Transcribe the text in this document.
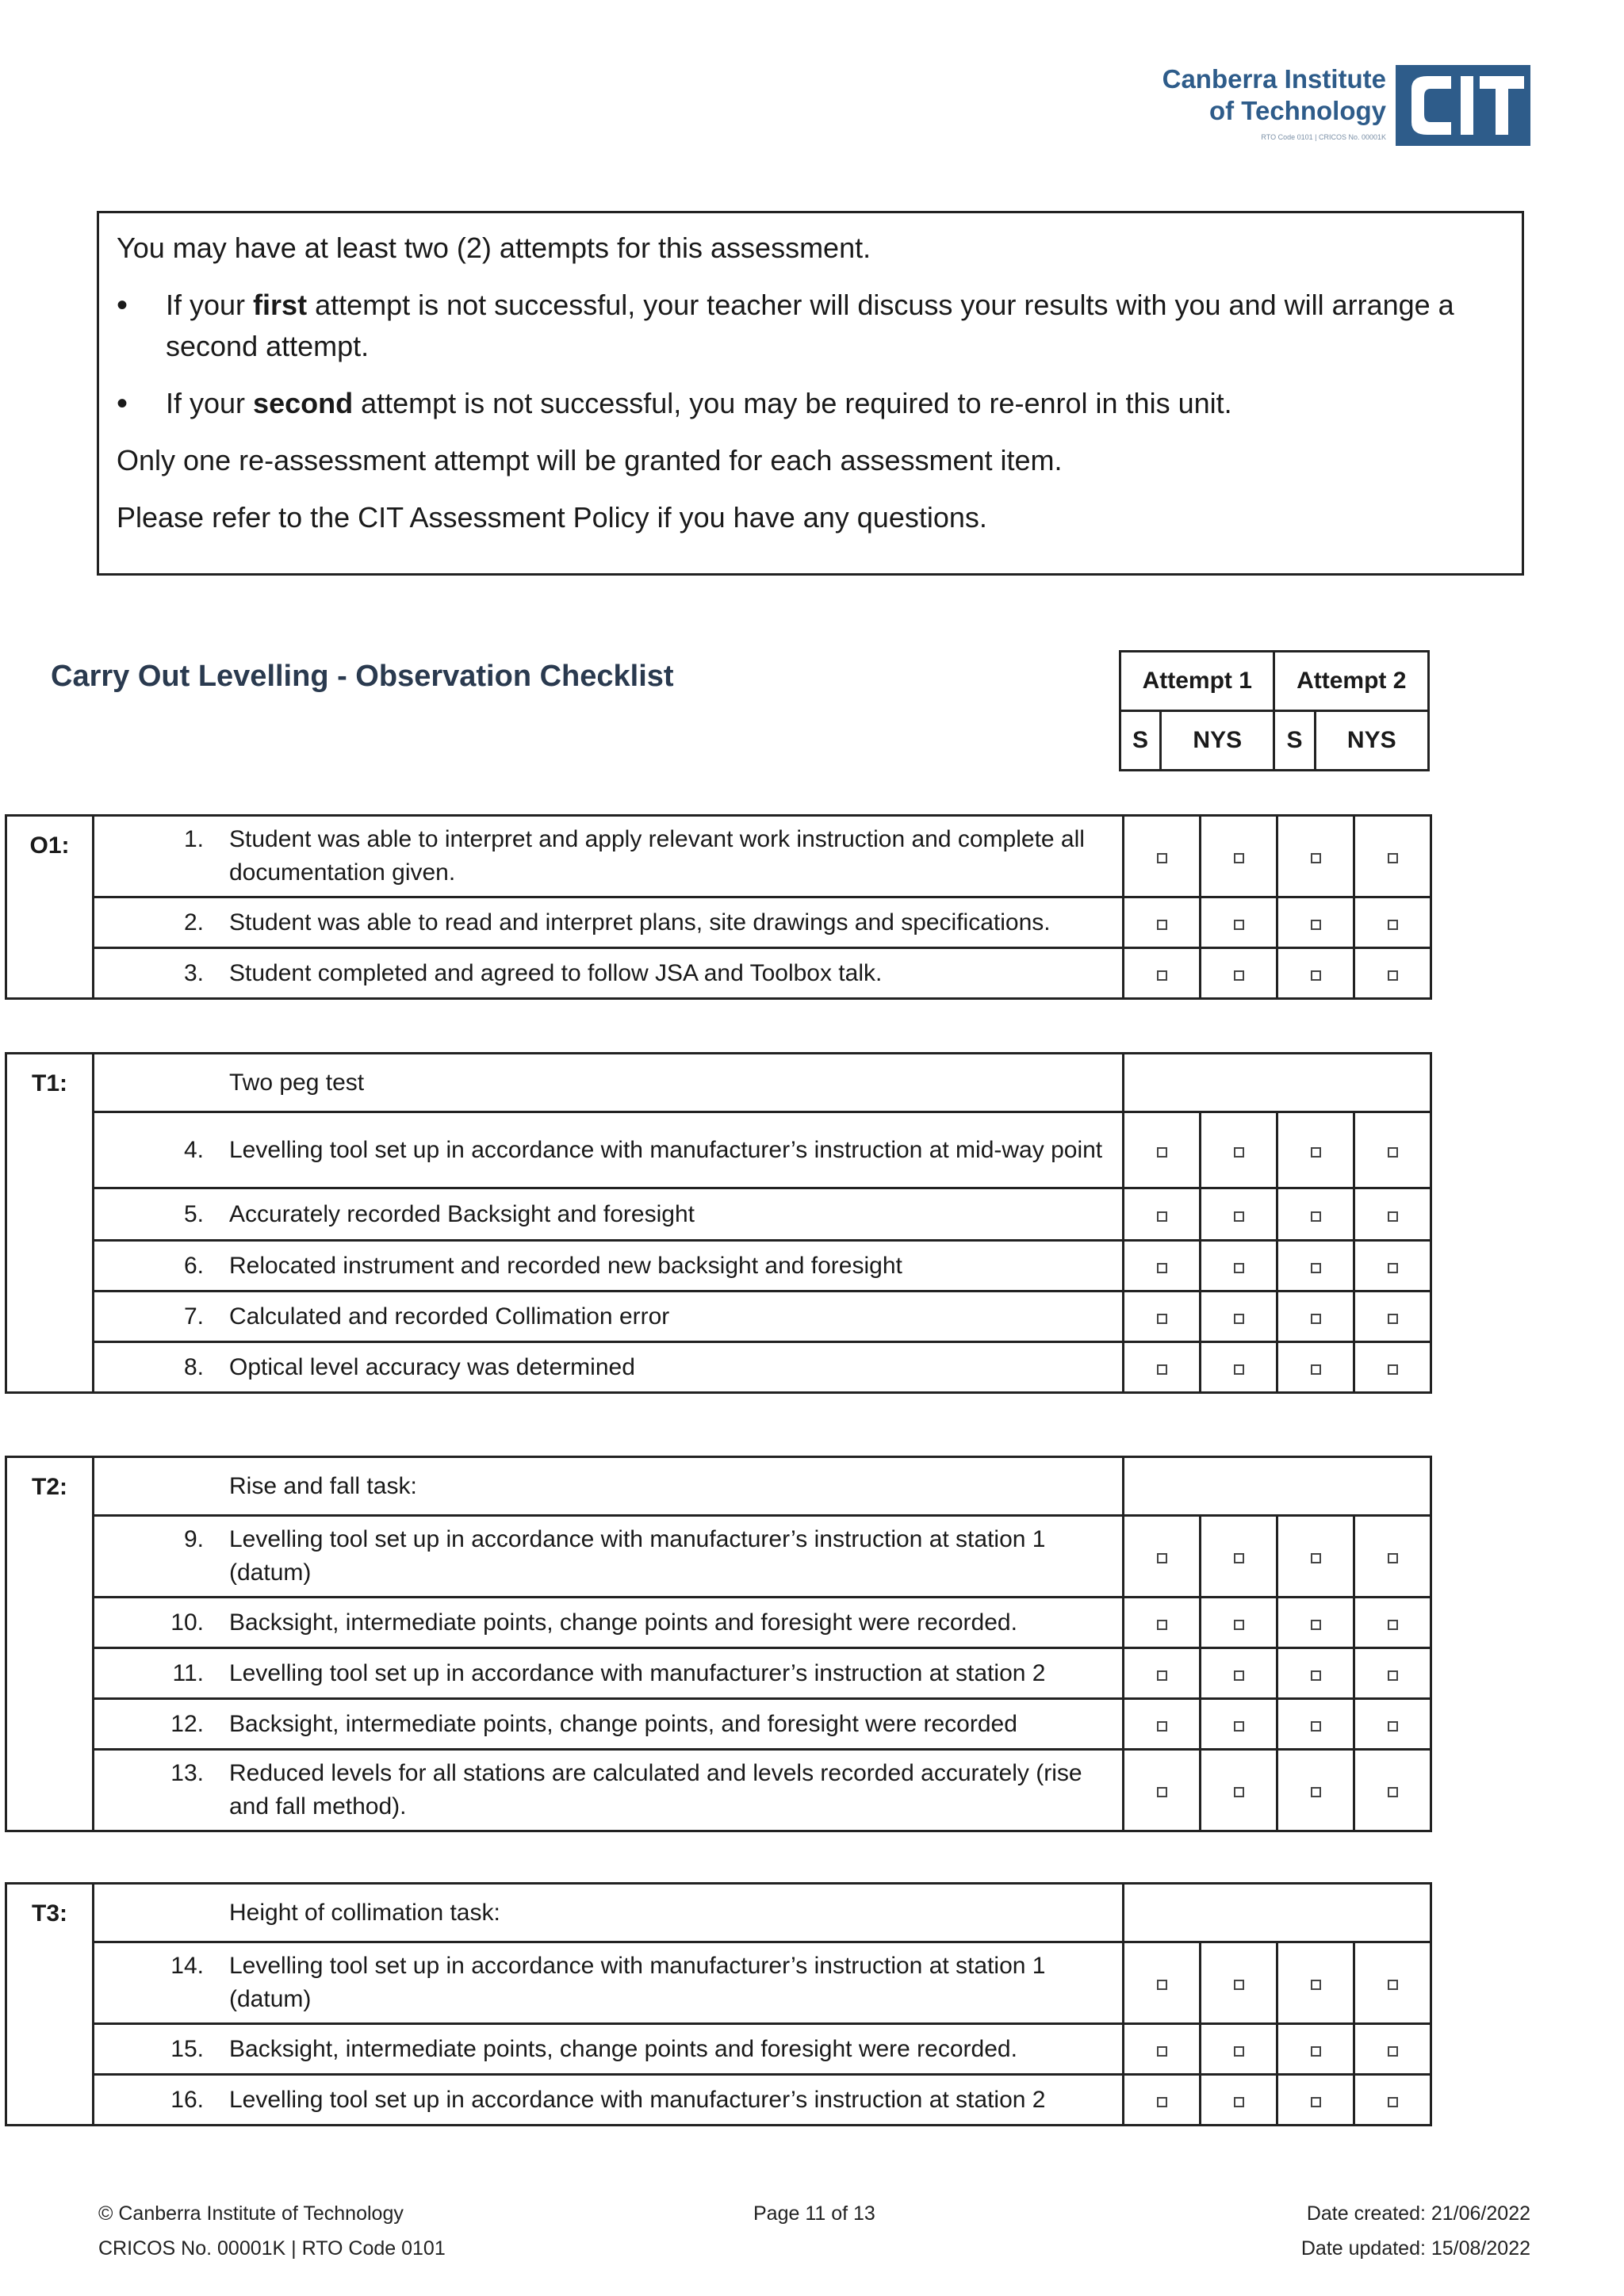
Canberra Institute
of Technology
RTO Code 0101 | CRICOS No. 00001K

You may have at least two (2) attempts for this assessment.

• If your first attempt is not successful, your teacher will discuss your results with you and will arrange a second attempt.
• If your second attempt is not successful, you may be required to re-enrol in this unit.

Only one re-assessment attempt will be granted for each assessment item.

Please refer to the CIT Assessment Policy if you have any questions.

Carry Out Levelling - Observation Checklist	Attempt 1		Attempt 2	
S	NYS	S	NYS
O1:	1. Student was able to interpret and apply relevant work instruction and complete all documentation given.				

	2. Student was able to read and interpret plans, site drawings and specifications.				

	3. Student completed and agreed to follow JSA and Toolbox talk.				

T1:	Two peg test				

	4. Levelling tool set up in accordance with manufacturer’s instruction at mid-way point				

	5. Accurately recorded Backsight and foresight				

	6. Relocated instrument and recorded new backsight and foresight				

	7. Calculated and recorded Collimation error				

	8. Optical level accuracy was determined				

T2:	Rise and fall task:				

	9. Levelling tool set up in accordance with manufacturer’s instruction at station 1 (datum)				

	10. Backsight, intermediate points, change points and foresight were recorded.				

	11. Levelling tool set up in accordance with manufacturer’s instruction at station 2				

	12. Backsight, intermediate points, change points, and foresight were recorded				

	13. Reduced levels for all stations are calculated and levels recorded accurately (rise and fall method).				

T3:	Height of collimation task:				

	14. Levelling tool set up in accordance with manufacturer’s instruction at station 1 (datum)				

	15. Backsight, intermediate points, change points and foresight were recorded.				

	16. Levelling tool set up in accordance with manufacturer’s instruction at station 2				

© Canberra Institute of Technology
CRICOS No. 00001K | RTO Code 0101
Page 11 of 13	Date created: 21/06/2022
Date updated: 15/08/2022
